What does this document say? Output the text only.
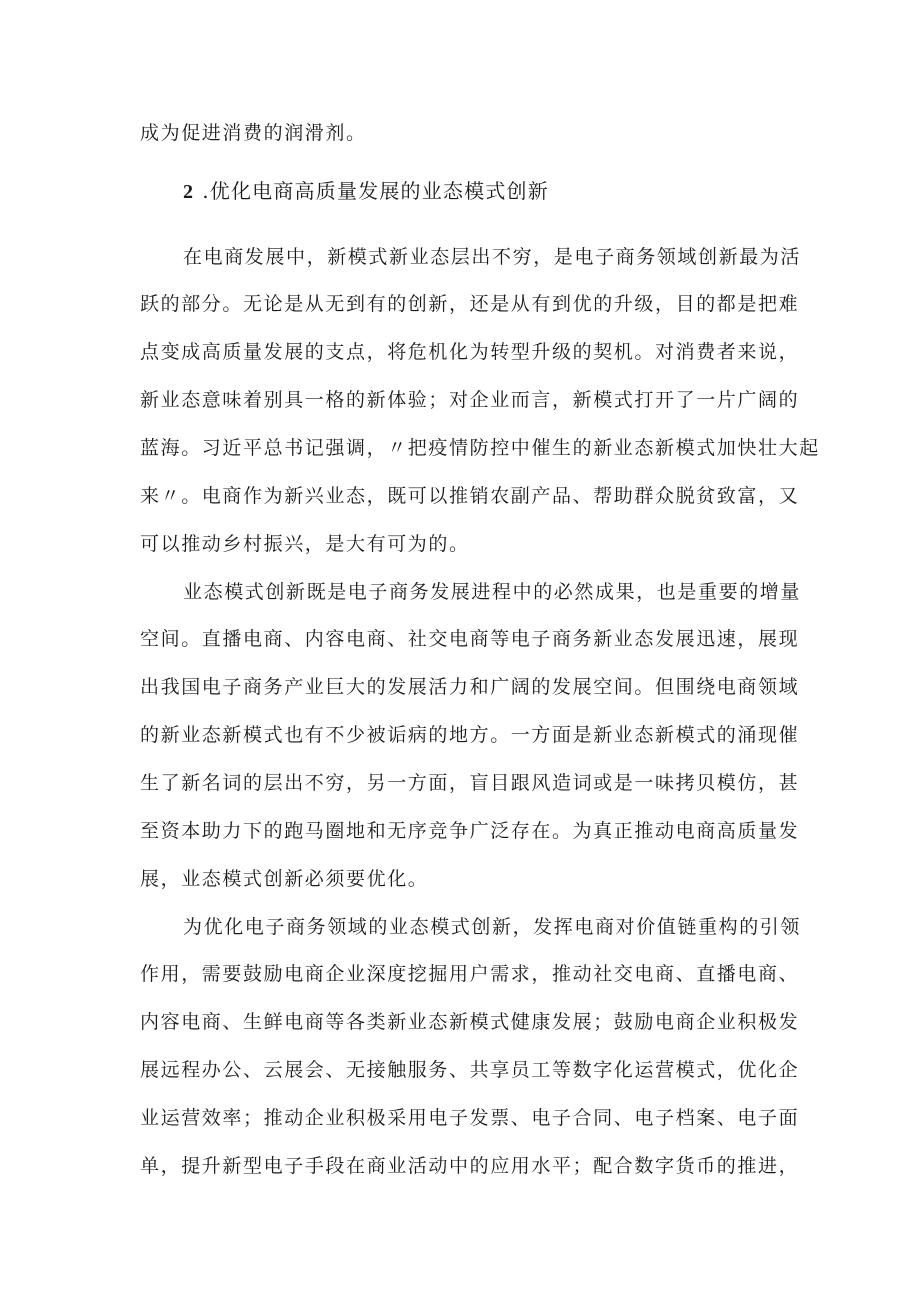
成为促进消费的润滑剂。
2 .优化电商高质量发展的业态模式创新
在电商发展中，新模式新业态层出不穷，是电子商务领域创新最为活
跃的部分。无论是从无到有的创新，还是从有到优的升级，目的都是把难
点变成高质量发展的支点，将危机化为转型升级的契机。对消费者来说，
新业态意味着别具一格的新体验；对企业而言，新模式打开了一片广阔的
蓝海。习近平总书记强调，〃把疫情防控中催生的新业态新模式加快壮大起
来〃。电商作为新兴业态，既可以推销农副产品、帮助群众脱贫致富，又
可以推动乡村振兴，是大有可为的。
业态模式创新既是电子商务发展进程中的必然成果，也是重要的增量
空间。直播电商、内容电商、社交电商等电子商务新业态发展迅速，展现
出我国电子商务产业巨大的发展活力和广阔的发展空间。但围绕电商领域
的新业态新模式也有不少被诟病的地方。一方面是新业态新模式的涌现催
生了新名词的层出不穷，另一方面，盲目跟风造词或是一味拷贝模仿，甚
至资本助力下的跑马圈地和无序竞争广泛存在。为真正推动电商高质量发
展，业态模式创新必须要优化。
为优化电子商务领域的业态模式创新，发挥电商对价值链重构的引领
作用，需要鼓励电商企业深度挖掘用户需求，推动社交电商、直播电商、
内容电商、生鲜电商等各类新业态新模式健康发展；鼓励电商企业积极发
展远程办公、云展会、无接触服务、共享员工等数字化运营模式，优化企
业运营效率；推动企业积极采用电子发票、电子合同、电子档案、电子面
单，提升新型电子手段在商业活动中的应用水平；配合数字货币的推进，
